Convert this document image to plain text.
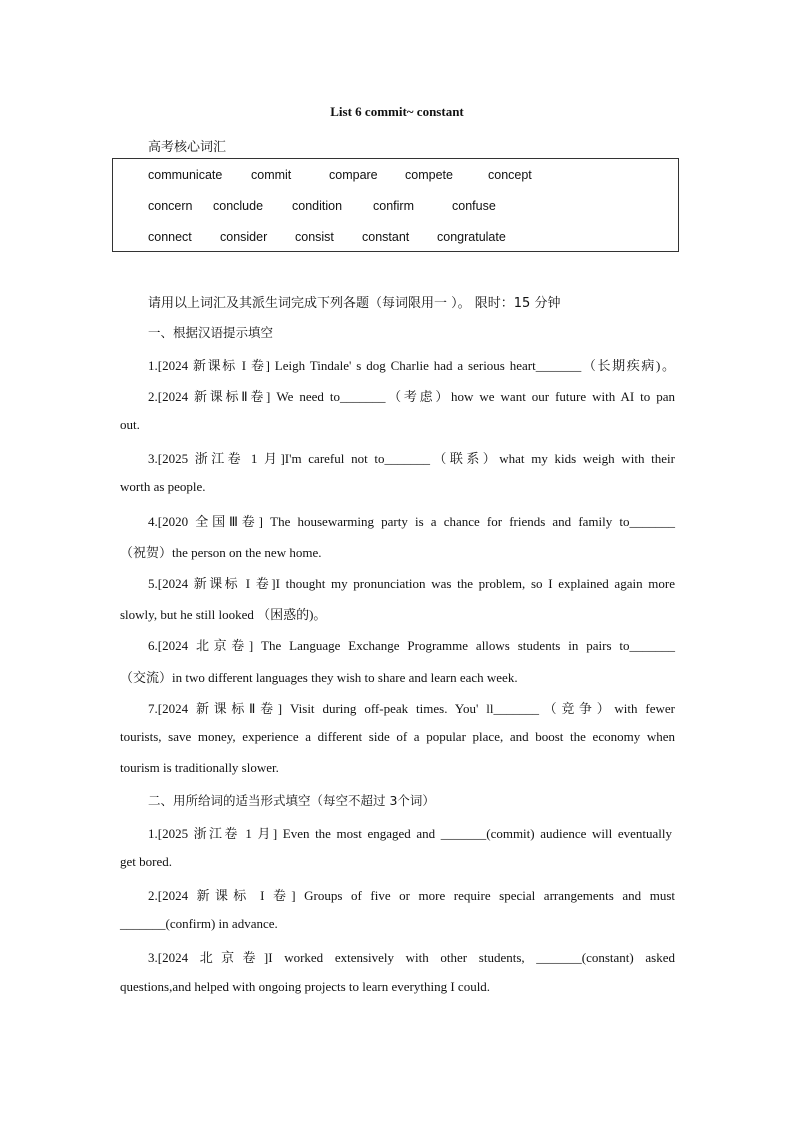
List 6 commit~ constant
高考核心词汇
communicate commit	compare compete	concept
concern conclude condition confirm	confuse
connect consider consist constant congratulate
请用以上词汇及其派生词完成下列各题（每词限用一 ）。 限时：15 分钟
一、根据汉语提示填空
1.[2024 新课标 I 卷] Leigh Tindale' s dog Charlie had a serious heart_______（长期疾病)。
2.[2024 新课标Ⅱ卷] We need to_______（考虑）how we want our future with AI to pan
out.
3.[2025 浙江卷 1 月]I'm careful not to_______（联系）what my kids weigh with their
worth as people.
4.[2020 全国Ⅲ卷] The housewarming party is a chance for friends and family to_______
（祝贺）the person on the new home.
5.[2024 新课标 I 卷]I thought my pronunciation was the problem, so I explained again more
slowly, but he still looked （困惑的)。
6.[2024 北京卷] The Language Exchange Programme allows students in pairs to_______
（交流）in two different languages they wish to share and learn each week.
7.[2024 新课标Ⅱ卷] Visit during off-peak times. You' ll_______（竞争）with fewer
tourists, save money, experience a different side of a popular place, and boost the economy when
tourism is traditionally slower.
二、用所给词的适当形式填空（每空不超过 3个词）
1.[2025 浙江卷 1 月] Even the most engaged and _______(commit) audience will eventually
get bored.
2.[2024 新课标 I 卷] Groups of five or more require special arrangements and must
_______(confirm) in advance.
3.[2024 北京卷]I worked extensively with other students, _______(constant) asked
questions,and helped with ongoing projects to learn everything I could.
